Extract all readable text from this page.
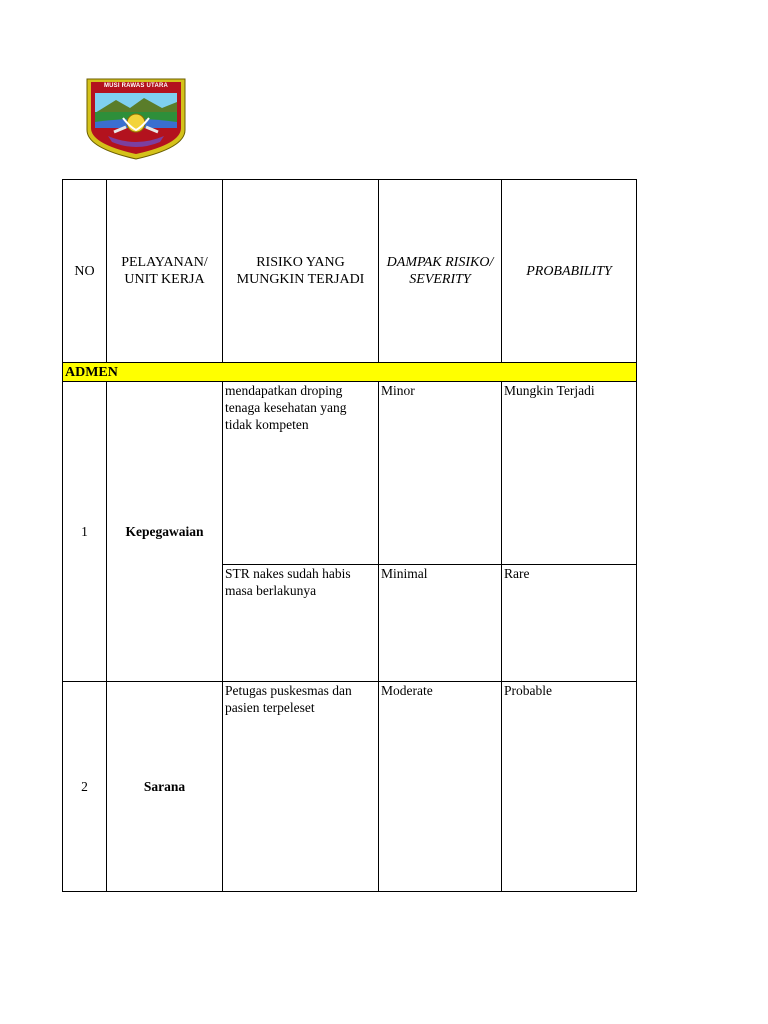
MUSI RAWAS UTARA
NO	PELAYANAN/ UNIT KERJA	RISIKO YANG MUNGKIN TERJADI	DAMPAK RISIKO/ SEVERITY	PROBABILITY
ADMEN				
1	Kepegawaian	mendapatkan droping tenaga kesehatan yang tidak kompeten	Minor	Mungkin Terjadi
		STR nakes sudah habis masa berlakunya	Minimal	Rare
2	Sarana	Petugas puskesmas dan pasien terpeleset	Moderate	Probable
